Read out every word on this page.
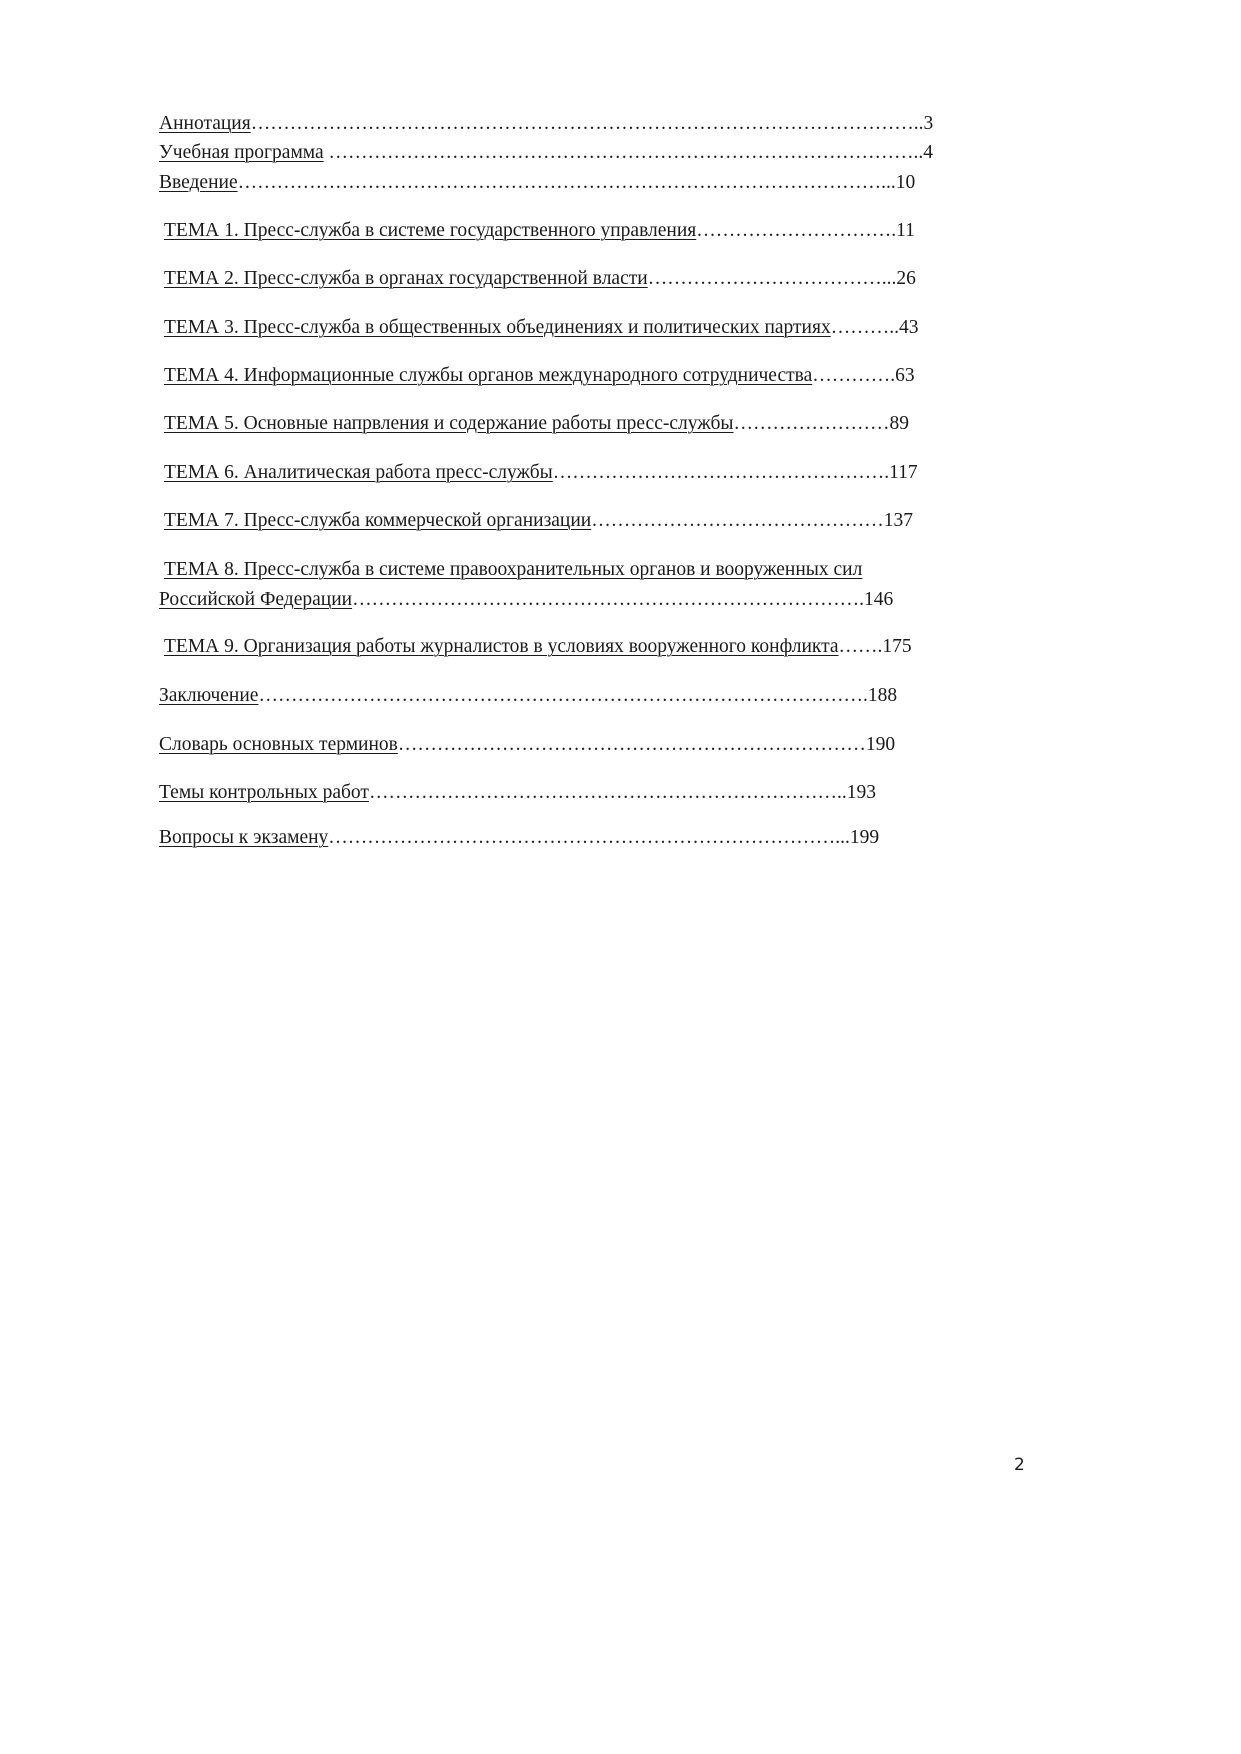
Аннотация…………………………………………………………………………………………..3
Учебная программа ………………………………………………………………………………..4
Введение………………………………………………………………………………………...10
ТЕМА 1. Пресс-служба в системе государственного управления………………………….11
ТЕМА 2. Пресс-служба в органах государственной власти………………………………...26
ТЕМА 3. Пресс-служба в общественных объединениях и политических партиях………..43
ТЕМА 4. Информационные службы органов международного сотрудничества………….63
ТЕМА 5. Основные напрвления и содержание работы пресс-службы……………………89
ТЕМА 6. Аналитическая работа пресс-службы…………………………………………….117
ТЕМА 7. Пресс-служба коммерческой организации………………………………………137
ТЕМА 8. Пресс-служба в системе правоохранительных органов и вооруженных сил
Российской Федерации…………………………………………………………………….146
ТЕМА 9. Организация работы журналистов в условиях вооруженного конфликта…….175
Заключение………………………………………………………………………………….188
Словарь основных терминов………………………………………………………………190
Темы контрольных работ………………………………………………………………..193
Вопросы к экзамену……………………………………………………………………...199
2
